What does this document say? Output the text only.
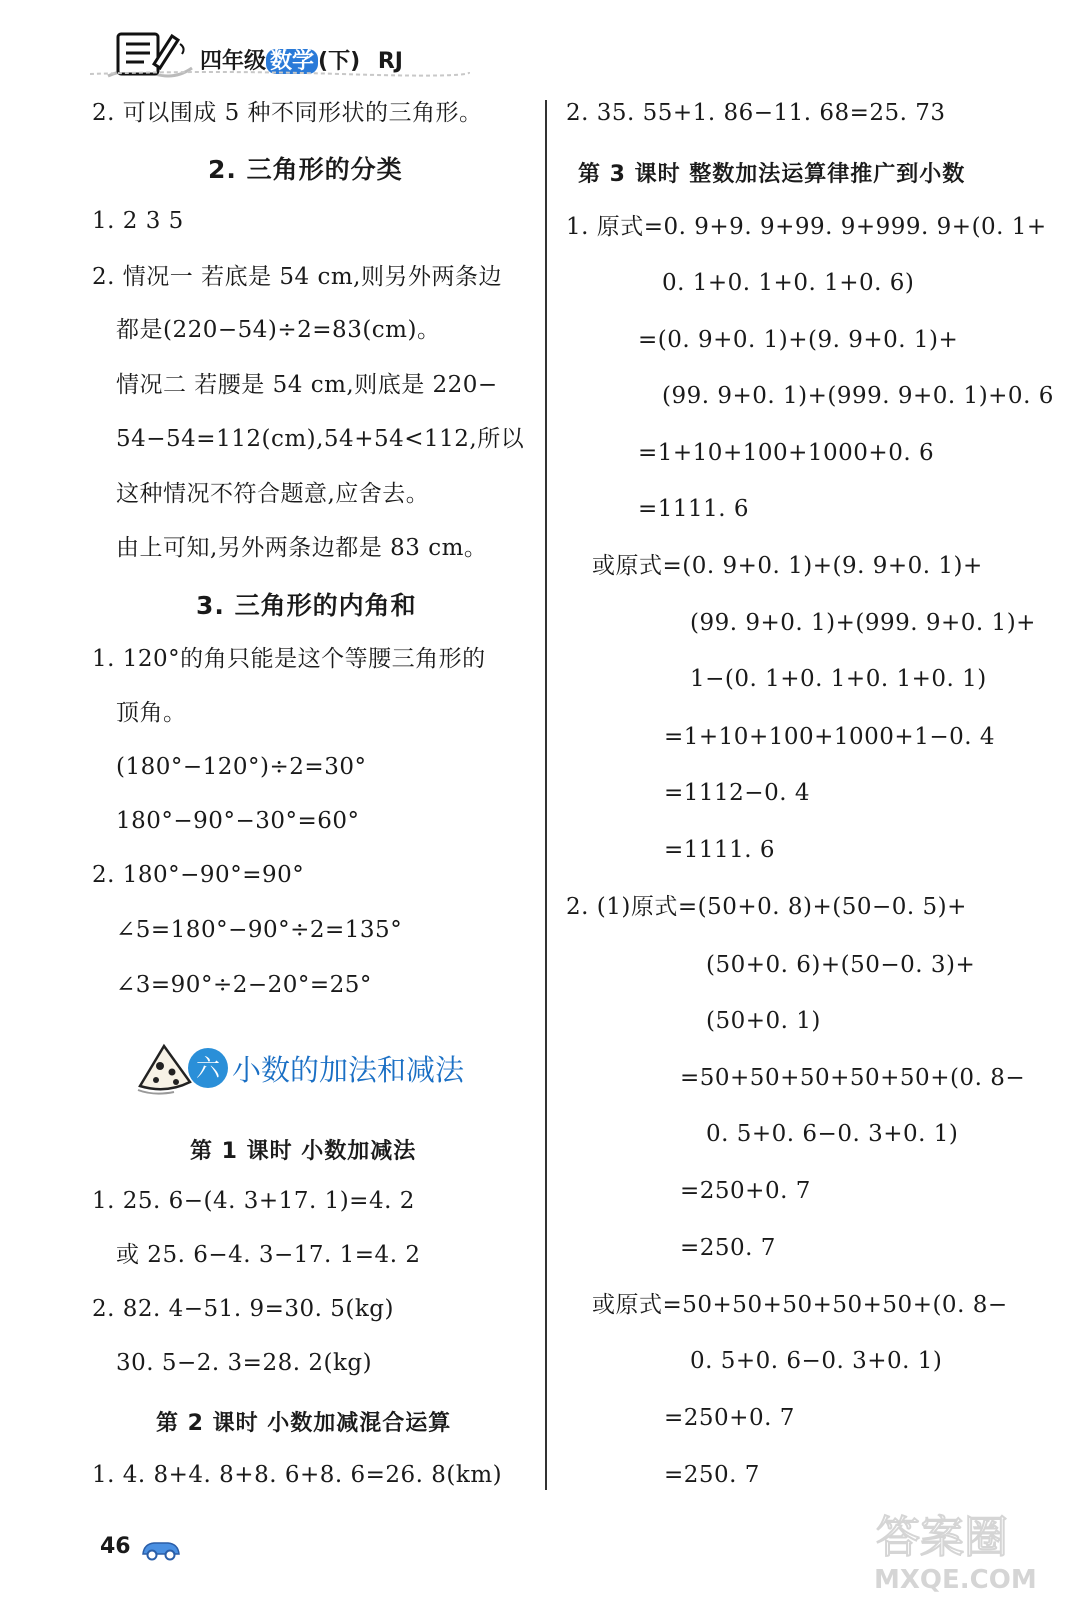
四年级 数学 (下) RJ
2. 可以围成 5 种不同形状的三角形。
2. 三角形的分类
1. 2 3 5
2. 情况一 若底是 54 cm,则另外两条边
都是(220−54)÷2=83(cm)。
情况二 若腰是 54 cm,则底是 220−
54−54=112(cm),54+54<112,所以
这种情况不符合题意,应舍去。
由上可知,另外两条边都是 83 cm。
3. 三角形的内角和
1. 120°的角只能是这个等腰三角形的
顶角。
(180°−120°)÷2=30°
180°−90°−30°=60°
2. 180°−90°=90°
∠5=180°−90°÷2=135°
∠3=90°÷2−20°=25°
六 小数的加法和减法
第 1 课时 小数加减法
1. 25. 6−(4. 3+17. 1)=4. 2
或 25. 6−4. 3−17. 1=4. 2
2. 82. 4−51. 9=30. 5(kg)
30. 5−2. 3=28. 2(kg)
第 2 课时 小数加减混合运算
1. 4. 8+4. 8+8. 6+8. 6=26. 8(km)
2. 35. 55+1. 86−11. 68=25. 73
第 3 课时 整数加法运算律推广到小数
1. 原式=0. 9+9. 9+99. 9+999. 9+(0. 1+
0. 1+0. 1+0. 1+0. 6)
=(0. 9+0. 1)+(9. 9+0. 1)+
(99. 9+0. 1)+(999. 9+0. 1)+0. 6
=1+10+100+1000+0. 6
=1111. 6
或原式=(0. 9+0. 1)+(9. 9+0. 1)+
(99. 9+0. 1)+(999. 9+0. 1)+
1−(0. 1+0. 1+0. 1+0. 1)
=1+10+100+1000+1−0. 4
=1112−0. 4
=1111. 6
2. (1)原式=(50+0. 8)+(50−0. 5)+
(50+0. 6)+(50−0. 3)+
(50+0. 1)
=50+50+50+50+50+(0. 8−
0. 5+0. 6−0. 3+0. 1)
=250+0. 7
=250. 7
或原式=50+50+50+50+50+(0. 8−
0. 5+0. 6−0. 3+0. 1)
=250+0. 7
=250. 7
46	答案圈
MXQE.COM
